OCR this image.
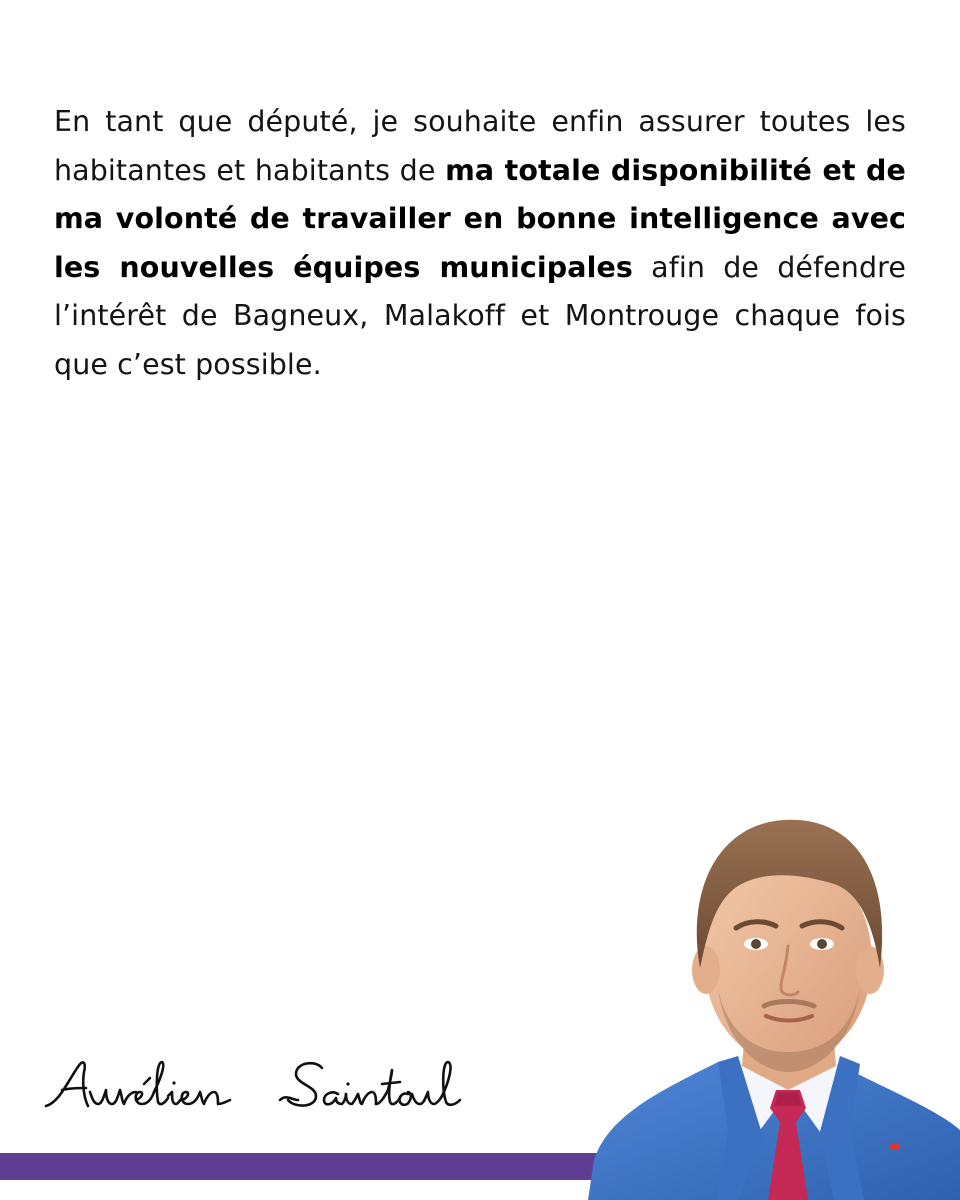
En tant que député, je souhaite enfin assurer toutes les habitantes et habitants de ma totale disponibilité et de ma volonté de travailler en bonne intelligence avec les nouvelles équipes municipales afin de défendre l’intérêt de Bagneux, Malakoff et Montrouge chaque fois que c’est possible.
